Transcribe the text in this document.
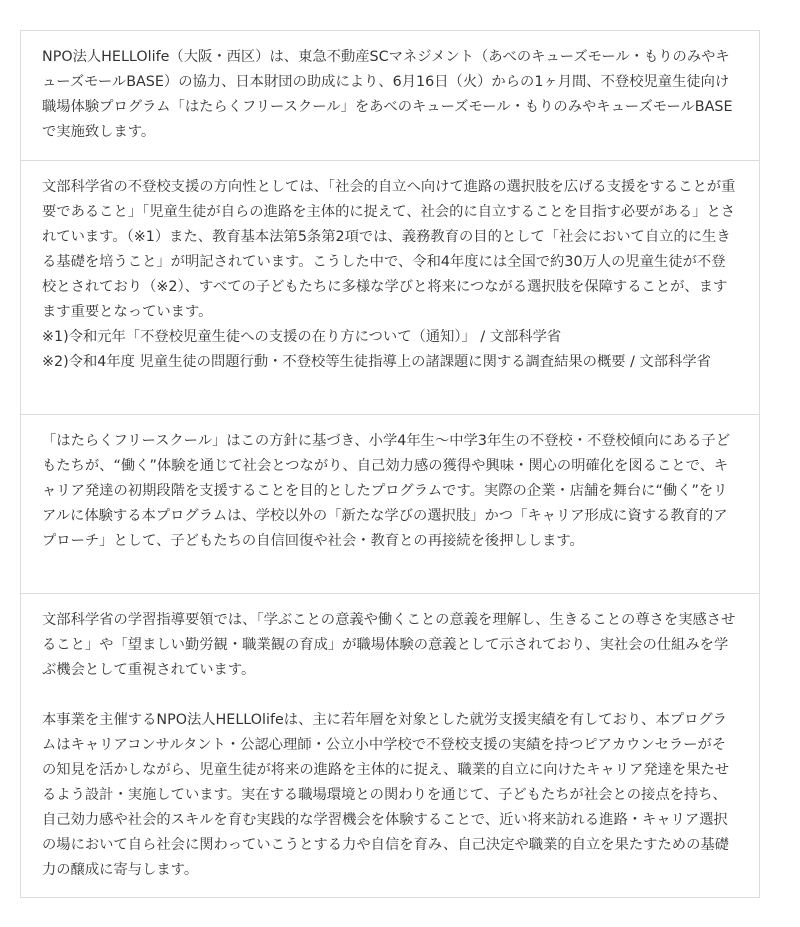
NPO法人HELLOlife（大阪・西区）は、東急不動産SCマネジメント（あべのキューズモール・もりのみやキューズモールBASE）の協力、日本財団の助成により、6月16日（火）からの1ヶ月間、不登校児童生徒向け職場体験プログラム「はたらくフリースクール」をあべのキューズモール・もりのみやキューズモールBASEで実施致します。

文部科学省の不登校支援の方向性としては、「社会的自立へ向けて進路の選択肢を広げる支援をすることが重要であること」「児童生徒が自らの進路を主体的に捉えて、社会的に自立することを目指す必要がある」とされています。（※1）また、教育基本法第5条第2項では、義務教育の目的として「社会において自立的に生きる基礎を培うこと」が明記されています。こうした中で、令和4年度には全国で約30万人の児童生徒が不登校とされており（※2）、すべての子どもたちに多様な学びと将来につながる選択肢を保障することが、ますます重要となっています。
※1)令和元年「不登校児童生徒への支援の在り方について（通知）」 / 文部科学省
※2)令和4年度 児童生徒の問題行動・不登校等生徒指導上の諸課題に関する調査結果の概要 / 文部科学省

「はたらくフリースクール」はこの方針に基づき、小学4年生〜中学3年生の不登校・不登校傾向にある子どもたちが、“働く”体験を通じて社会とつながり、自己効力感の獲得や興味・関心の明確化を図ることで、キャリア発達の初期段階を支援することを目的としたプログラムです。実際の企業・店舗を舞台に“働く”をリアルに体験する本プログラムは、学校以外の「新たな学びの選択肢」かつ「キャリア形成に資する教育的アプローチ」として、子どもたちの自信回復や社会・教育との再接続を後押しします。

文部科学省の学習指導要領では、「学ぶことの意義や働くことの意義を理解し、生きることの尊さを実感させること」や「望ましい勤労観・職業観の育成」が職場体験の意義として示されており、実社会の仕組みを学ぶ機会として重視されています。

本事業を主催するNPO法人HELLOlifeは、主に若年層を対象とした就労支援実績を有しており、本プログラムはキャリアコンサルタント・公認心理師・公立小中学校で不登校支援の実績を持つピアカウンセラーがその知見を活かしながら、児童生徒が将来の進路を主体的に捉え、職業的自立に向けたキャリア発達を果たせるよう設計・実施しています。実在する職場環境との関わりを通じて、子どもたちが社会との接点を持ち、自己効力感や社会的スキルを育む実践的な学習機会を体験することで、近い将来訪れる進路・キャリア選択の場において自ら社会に関わっていこうとする力や自信を育み、自己決定や職業的自立を果たすための基礎力の醸成に寄与します。
